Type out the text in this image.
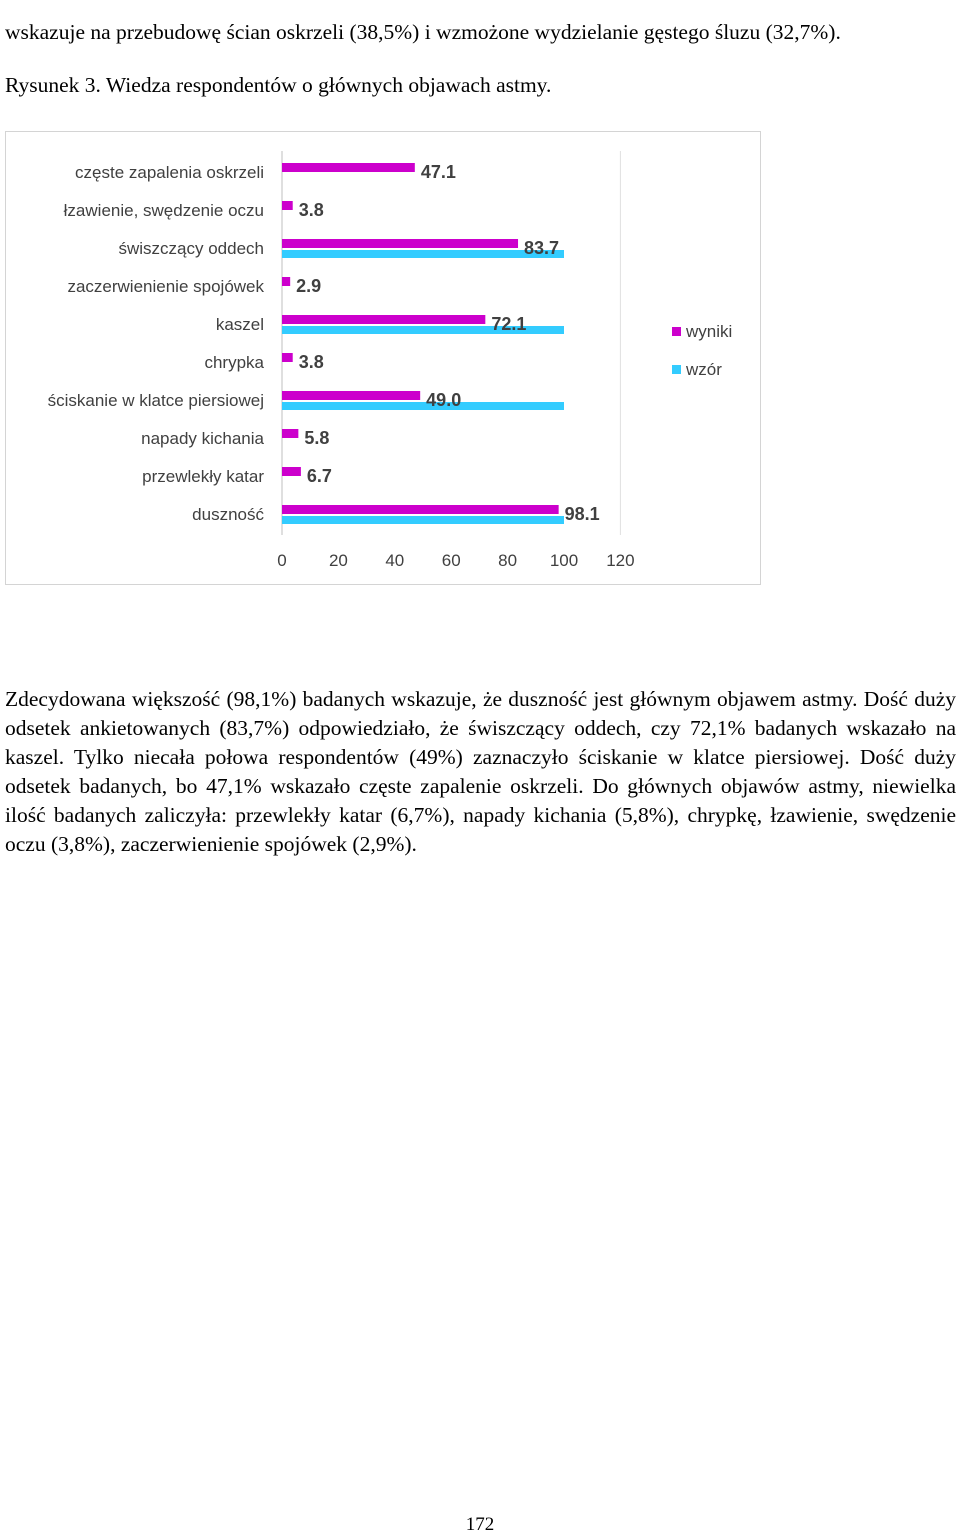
wskazuje na przebudowę ścian oskrzeli (38,5%) i wzmożone wydzielanie gęstego śluzu (32,7%).

Rysunek 3. Wiedza respondentów o głównych objawach astmy.
częste zapalenia oskrzeli	47.1
łzawienie, swędzenie oczu 3.8
świszczący oddech	83.7
zaczerwienienie spojówek 2.9
kaszel	72.1
chrypka 3.8
ściskanie w klatce piersiowej	49.0
napady kichania 5.8
przewlekły katar 6.7
duszność	98.1
0 20 40 60 80 100 120
wyniki
wzór

Zdecydowana większość (98,1%) badanych wskazuje, że duszność jest głównym objawem astmy. Dość duży odsetek ankietowanych (83,7%) odpowiedziało, że świszczący oddech, czy 72,1% badanych wskazało na kaszel. Tylko niecała połowa respondentów (49%) zaznaczyło ściskanie w klatce piersiowej. Dość duży odsetek badanych, bo 47,1% wskazało częste zapalenie oskrzeli. Do głównych objawów astmy, niewielka ilość badanych zaliczyła: przewlekły katar (6,7%), napady kichania (5,8%), chrypkę, łzawienie, swędzenie oczu (3,8%), zaczerwienienie spojówek (2,9%).

172
